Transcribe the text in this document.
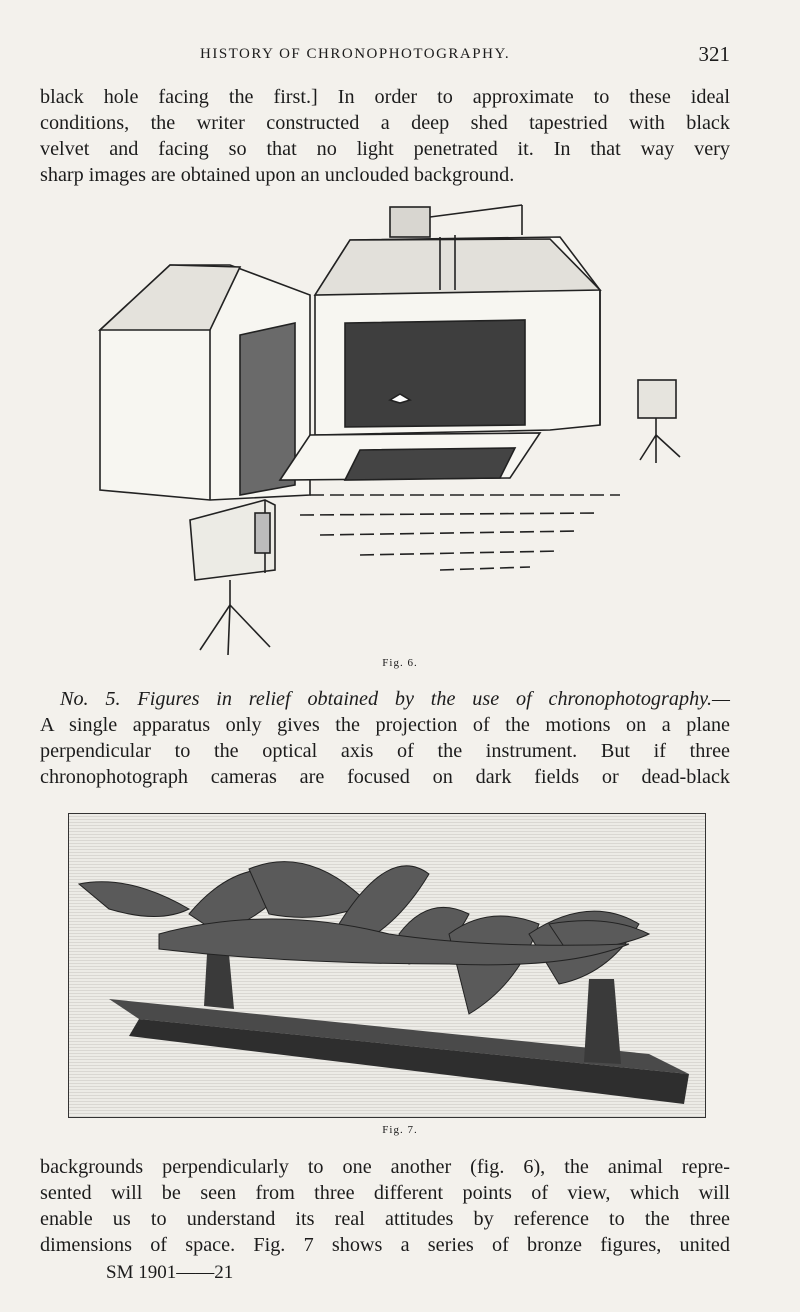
HISTORY OF CHRONOPHOTOGRAPHY.	321
black hole facing the first.] In order to approximate to these ideal
conditions, the writer constructed a deep shed tapestried with black
velvet and facing so that no light penetrated it. In that way very
sharp images are obtained upon an unclouded background.
Fig. 6.
No. 5. Figures in relief obtained by the use of chronophotography.—
A single apparatus only gives the projection of the motions on a plane
perpendicular to the optical axis of the instrument. But if three
chronophotograph cameras are focused on dark fields or dead-black
Fig. 7.
backgrounds perpendicularly to one another (fig. 6), the animal repre-
sented will be seen from three different points of view, which will
enable us to understand its real attitudes by reference to the three
dimensions of space. Fig. 7 shows a series of bronze figures, united
SM 1901——21
